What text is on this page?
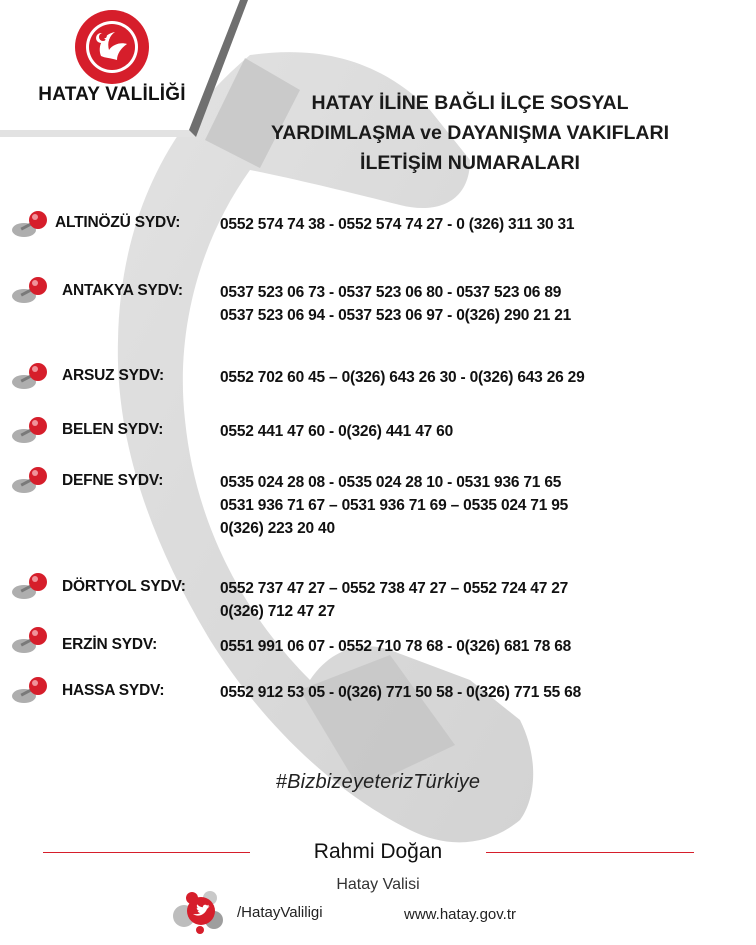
HATAY VALİLİĞİ	HATAY İLİNE BAĞLI İLÇE SOSYAL
YARDIMLAŞMA ve DAYANIŞMA VAKIFLARI
İLETİŞİM NUMARALARI
ALTINÖZÜ SYDV:	0552 574 74 38 - 0552 574 74 27 - 0 (326) 311 30 31
ANTAKYA SYDV: 0537 523 06 73 - 0537 523 06 80 - 0537 523 06 89
0537 523 06 94 - 0537 523 06 97 - 0(326) 290 21 21
ARSUZ SYDV:	0552 702 60 45 – 0(326) 643 26 30 - 0(326) 643 26 29
BELEN SYDV:	0552 441 47 60 - 0(326) 441 47 60
DEFNE SYDV:	0535 024 28 08 - 0535 024 28 10 - 0531 936 71 65
0531 936 71 67 – 0531 936 71 69 – 0535 024 71 95
0(326) 223 20 40
DÖRTYOL SYDV: 0552 737 47 27 – 0552 738 47 27 – 0552 724 47 27
0(326) 712 47 27
ERZİN SYDV:	0551 991 06 07 - 0552 710 78 68 - 0(326) 681 78 68
HASSA SYDV:	0552 912 53 05 - 0(326) 771 50 58 - 0(326) 771 55 68
#BizbizeyeterizTürkiye
Rahmi Doğan
Hatay Valisi
/HatayValiligi	www.hatay.gov.tr
